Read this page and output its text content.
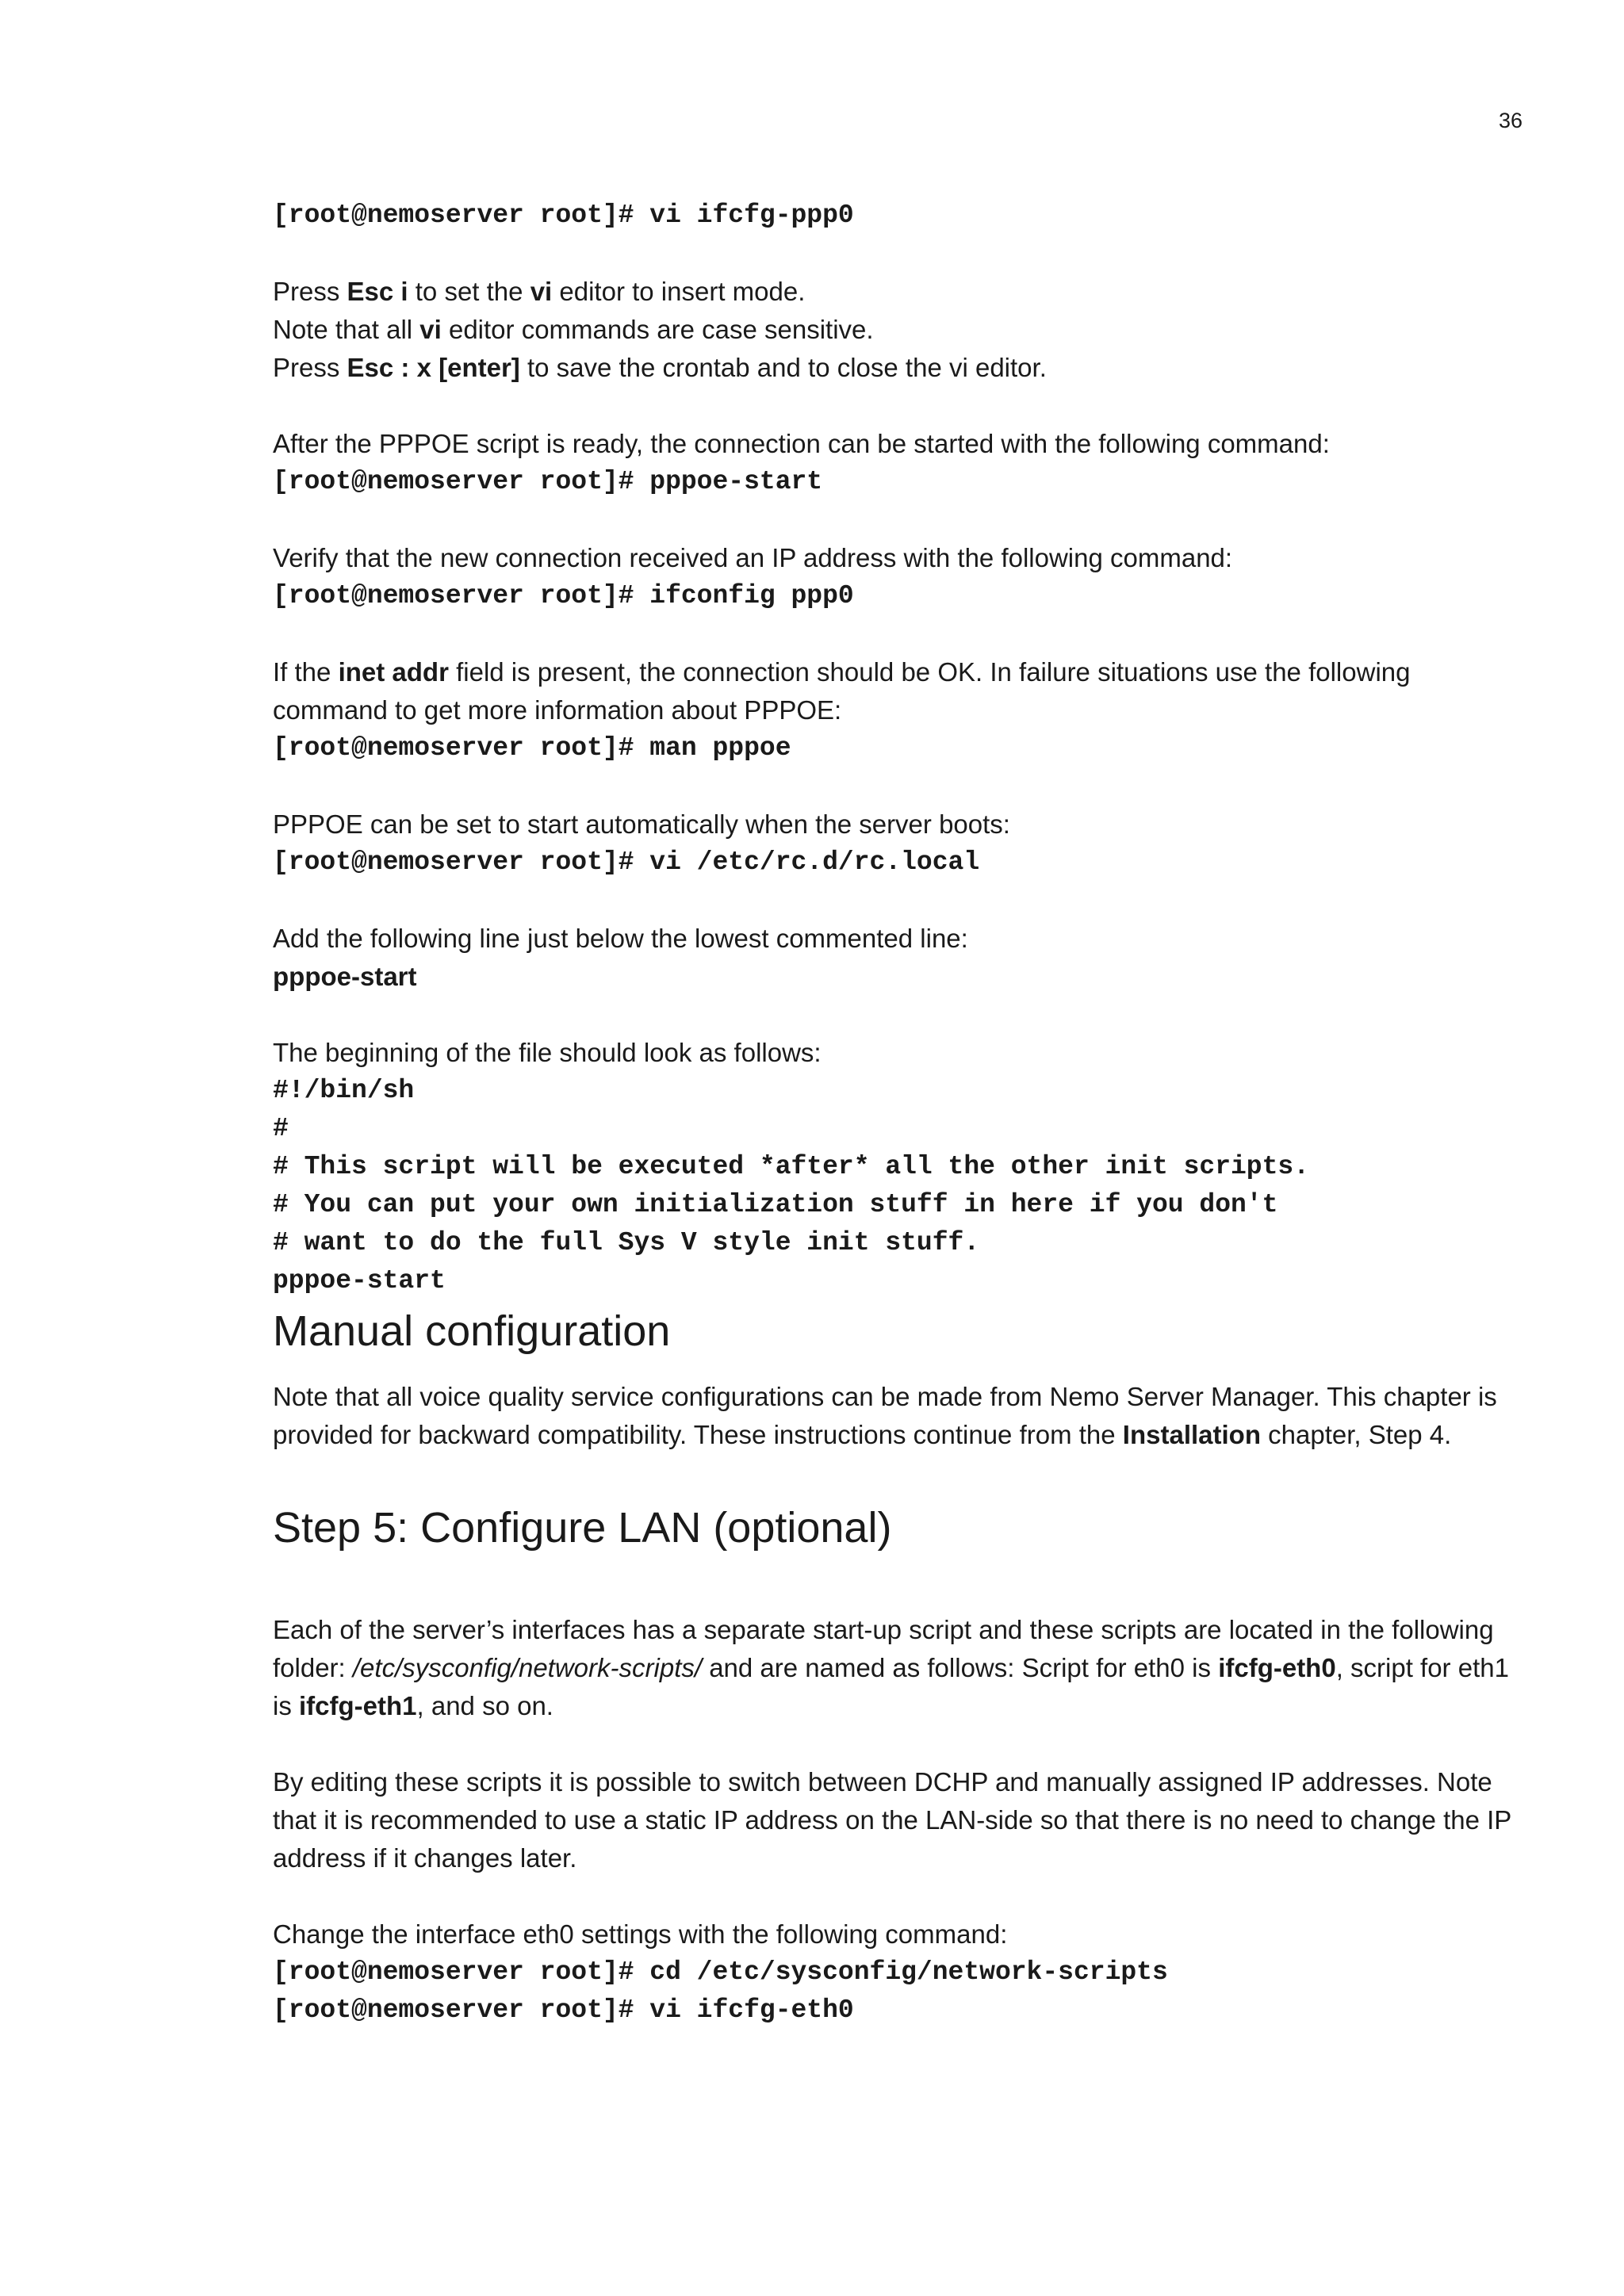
36
[root@nemoserver root]# vi ifcfg-ppp0

Press Esc i to set the vi editor to insert mode.

Note that all vi editor commands are case sensitive.

Press Esc : x [enter] to save the crontab and to close the vi editor.

After the PPPOE script is ready, the connection can be started with the following command:

[root@nemoserver root]# pppoe-start

Verify that the new connection received an IP address with the following command:

[root@nemoserver root]# ifconfig ppp0

If the inet addr field is present, the connection should be OK. In failure situations use the following command to get more information about PPPOE:

[root@nemoserver root]# man pppoe

PPPOE can be set to start automatically when the server boots:

[root@nemoserver root]# vi /etc/rc.d/rc.local

Add the following line just below the lowest commented line:

pppoe-start

The beginning of the file should look as follows:

#!/bin/sh
#
# This script will be executed *after* all the other init scripts.
# You can put your own initialization stuff in here if you don't
# want to do the full Sys V style init stuff.
pppoe-start
Manual configuration

Note that all voice quality service configurations can be made from Nemo Server Manager. This chapter is provided for backward compatibility. These instructions continue from the Installation chapter, Step 4.

Step 5: Configure LAN (optional)

Each of the server’s interfaces has a separate start-up script and these scripts are located in the following folder: /etc/sysconfig/network-scripts/ and are named as follows: Script for eth0 is ifcfg-eth0, script for eth1 is ifcfg-eth1, and so on.

By editing these scripts it is possible to switch between DCHP and manually assigned IP addresses. Note that it is recommended to use a static IP address on the LAN-side so that there is no need to change the IP address if it changes later.

Change the interface eth0 settings with the following command:

[root@nemoserver root]# cd /etc/sysconfig/network-scripts
[root@nemoserver root]# vi ifcfg-eth0
